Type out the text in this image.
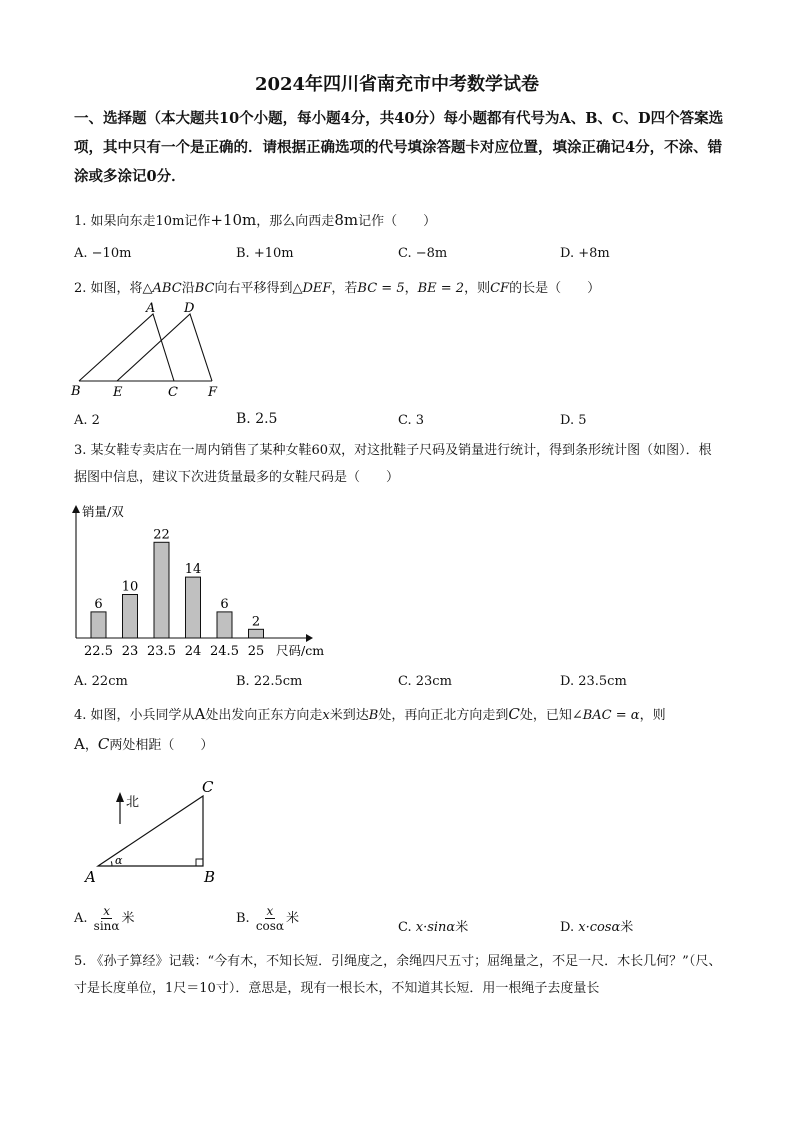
2024年四川省南充市中考数学试卷
一、选择题（本大题共10个小题，每小题4分，共40分）每小题都有代号为A、B、C、D四个答案选项，其中只有一个是正确的．请根据正确选项的代号填涂答题卡对应位置，填涂正确记4分，不涂、错涂或多涂记0分．
1. 如果向东走10m记作+10m，那么向西走8m记作（　　）
A. −10m	B. +10m	C. −8m	D. +8m
2. 如图，将△ABC沿BC向右平移得到△DEF，若BC = 5，BE = 2，则CF的长是（　　）
A D
B E	C F
A. 2	B. 2.5	C. 3	D. 5
3. 某女鞋专卖店在一周内销售了某种女鞋60双，对这批鞋子尺码及销量进行统计，得到条形统计图（如图）．根据图中信息，建议下次进货量最多的女鞋尺码是（　　）
6
22.5
10
23
22
23.5
14
24
6
24.5
2
25
销量/双
尺码/cm
A. 22cm	B. 22.5cm	C. 23cm	D. 23.5cm
4. 如图，小兵同学从A处出发向正东方向走x米到达B处，再向正北方向走到C处，已知∠BAC = α，则
A，C两处相距（　　）
北
α
A	B
C
A. $\frac{x}{\sin\alpha}$ 米	B. $\frac{x}{\cos\alpha}$ 米
C. x·sinα米	D. x·cosα米
5. 《孙子算经》记载：“今有木，不知长短．引绳度之，余绳四尺五寸；屈绳量之，不足一尺．木长几何？”（尺、寸是长度单位，1尺＝10寸）．意思是，现有一根长木，不知道其长短．用一根绳子去度量长
